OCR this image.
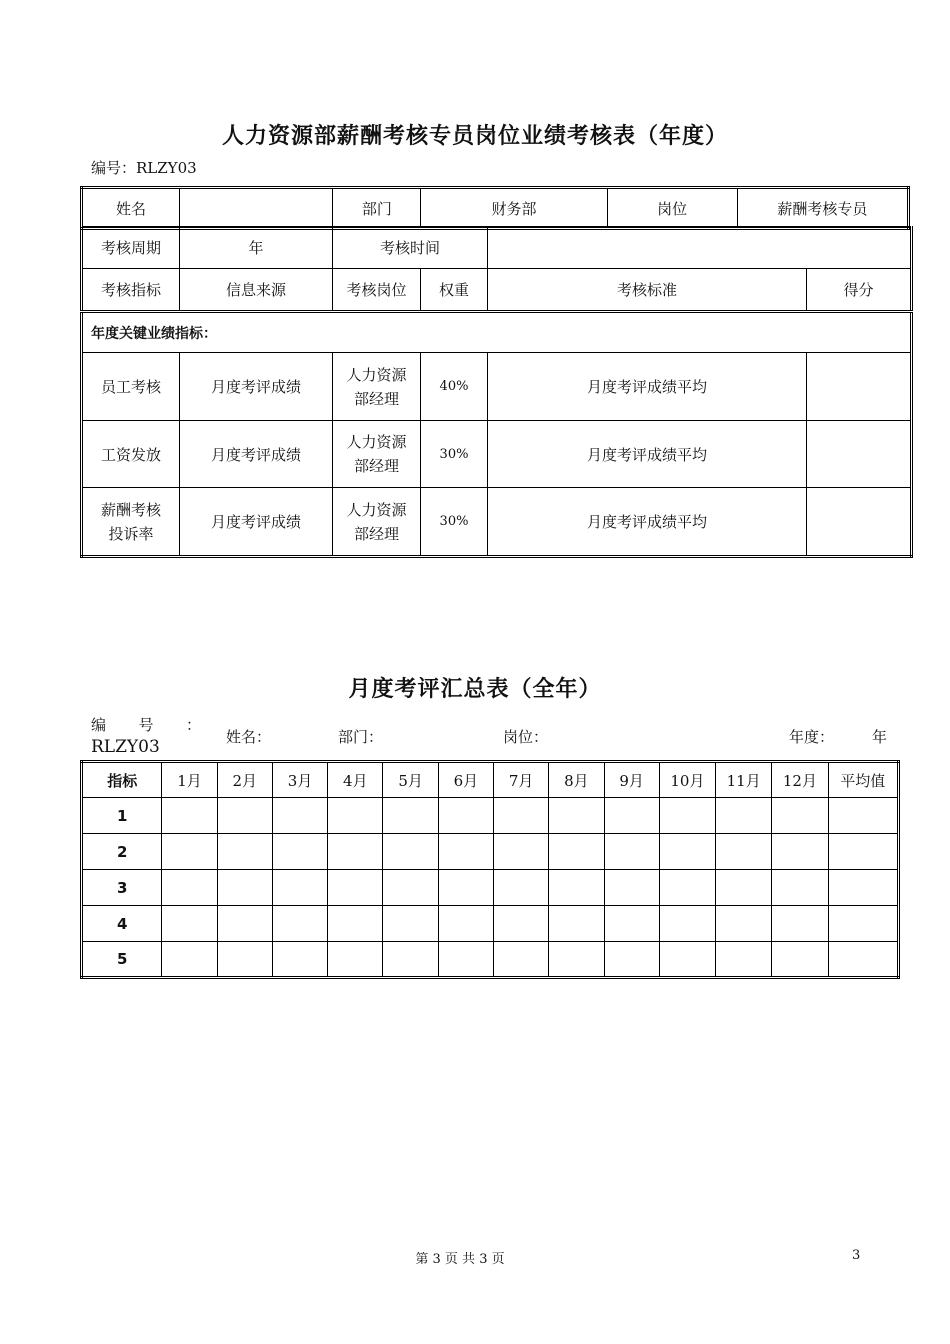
人力资源部薪酬考核专员岗位业绩考核表（年度）
编号：RLZY03
姓名		部门	财务部	岗位	薪酬考核专员
考核周期	年	考核时间			
考核指标	信息来源	考核岗位	权重	考核标准	得分
年度关键业绩指标：					
员工考核	月度考评成绩	人力资源部经理	40%	月度考评成绩平均	
工资发放	月度考评成绩	人力资源部经理	30%	月度考评成绩平均	
薪酬考核投诉率	月度考评成绩	人力资源部经理	30%	月度考评成绩平均	
月度考评汇总表（全年）
编号：
RLZY03	姓名：	部门：	岗位：	年度：	年
指标	1月	2月	3月	4月	5月	6月	7月	8月	9月	10月	11月	12月	平均值
1													
2													
3													
4													
5													
第 3 页 共 3 页	3
